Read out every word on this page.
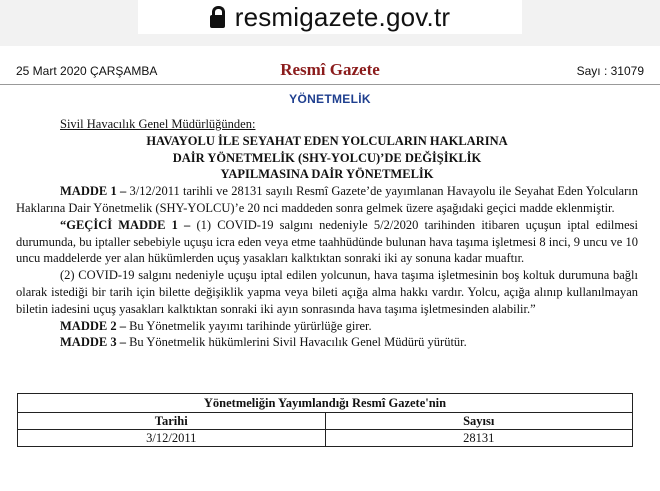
resmigazete.gov.tr
25 Mart 2020 ÇARŞAMBA	Resmî Gazete	Sayı : 31079
YÖNETMELİK
Sivil Havacılık Genel Müdürlüğünden:
HAVAYOLU İLE SEYAHAT EDEN YOLCULARIN HAKLARINA
DAİR YÖNETMELİK (SHY-YOLCU)’DE DEĞİŞİKLİK
YAPILMASINA DAİR YÖNETMELİK
MADDE 1 – 3/12/2011 tarihli ve 28131 sayılı Resmî Gazete’de yayımlanan Havayolu ile Seyahat Eden Yolcuların Haklarına Dair Yönetmelik (SHY-YOLCU)’e 20 nci maddeden sonra gelmek üzere aşağıdaki geçici madde eklenmiştir.
“GEÇİCİ MADDE 1 – (1) COVID-19 salgını nedeniyle 5/2/2020 tarihinden itibaren uçuşun iptal edilmesi durumunda, bu iptaller sebebiyle uçuşu icra eden veya etme taahhüdünde bulunan hava taşıma işletmesi 8 inci, 9 uncu ve 10 uncu maddelerde yer alan hükümlerden uçuş yasakları kalktıktan sonraki iki ay sonuna kadar muaftır.
(2) COVID-19 salgını nedeniyle uçuşu iptal edilen yolcunun, hava taşıma işletmesinin boş koltuk durumuna bağlı olarak istediği bir tarih için bilette değişiklik yapma veya bileti açığa alma hakkı vardır. Yolcu, açığa alınıp kullanılmayan biletin iadesini uçuş yasakları kalktıktan sonraki iki ayın sonrasında hava taşıma işletmesinden alabilir.”
MADDE 2 – Bu Yönetmelik yayımı tarihinde yürürlüğe girer.
MADDE 3 – Bu Yönetmelik hükümlerini Sivil Havacılık Genel Müdürü yürütür.
Yönetmeliğin Yayımlandığı Resmî Gazete'nin
Tarihi	Sayısı
3/12/2011	28131
